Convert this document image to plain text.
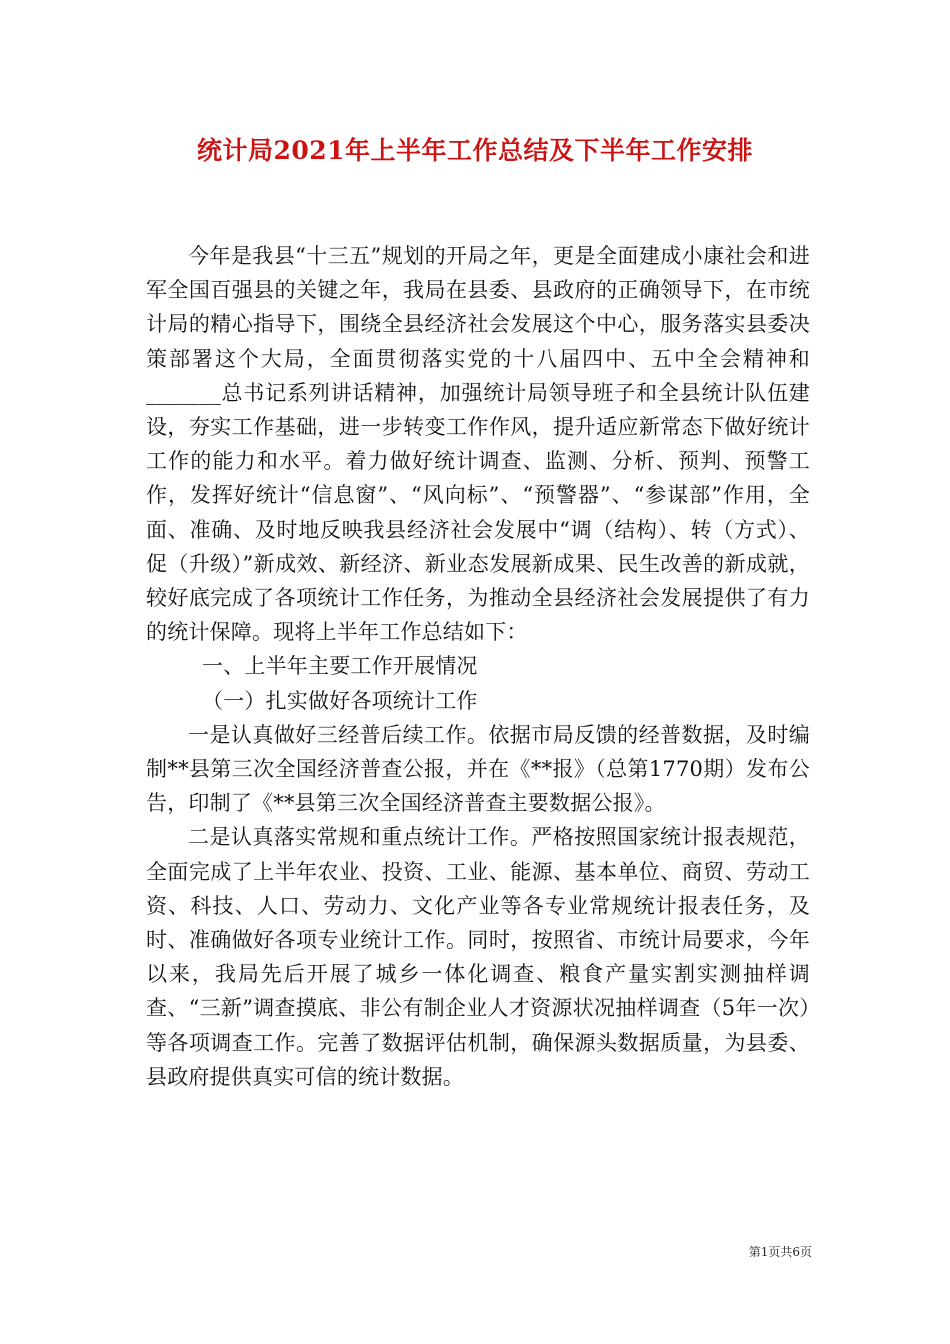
统计局2021年上半年工作总结及下半年工作安排

今年是我县“十三五”规划的开局之年，更是全面建成小康社会和进军全国百强县的关键之年，我局在县委、县政府的正确领导下，在市统计局的精心指导下，围绕全县经济社会发展这个中心，服务落实县委决策部署这个大局，全面贯彻落实党的十八届四中、五中全会精神和_______总书记系列讲话精神，加强统计局领导班子和全县统计队伍建设，夯实工作基础，进一步转变工作作风，提升适应新常态下做好统计工作的能力和水平。着力做好统计调查、监测、分析、预判、预警工作，发挥好统计“信息窗”、“风向标”、“预警器”、“参谋部”作用，全面、准确、及时地反映我县经济社会发展中“调（结构）、转（方式）、促（升级）”新成效、新经济、新业态发展新成果、民生改善的新成就，较好底完成了各项统计工作任务，为推动全县经济社会发展提供了有力的统计保障。现将上半年工作总结如下：

一、上半年主要工作开展情况

（一）扎实做好各项统计工作

一是认真做好三经普后续工作。依据市局反馈的经普数据，及时编制**县第三次全国经济普查公报，并在《**报》（总第1770期）发布公告，印制了《**县第三次全国经济普查主要数据公报》。

二是认真落实常规和重点统计工作。严格按照国家统计报表规范，全面完成了上半年农业、投资、工业、能源、基本单位、商贸、劳动工资、科技、人口、劳动力、文化产业等各专业常规统计报表任务，及时、准确做好各项专业统计工作。同时，按照省、市统计局要求，今年以来，我局先后开展了城乡一体化调查、粮食产量实割实测抽样调查、“三新”调查摸底、非公有制企业人才资源状况抽样调查（5年一次）等各项调查工作。完善了数据评估机制，确保源头数据质量，为县委、县政府提供真实可信的统计数据。

第1页共6页
